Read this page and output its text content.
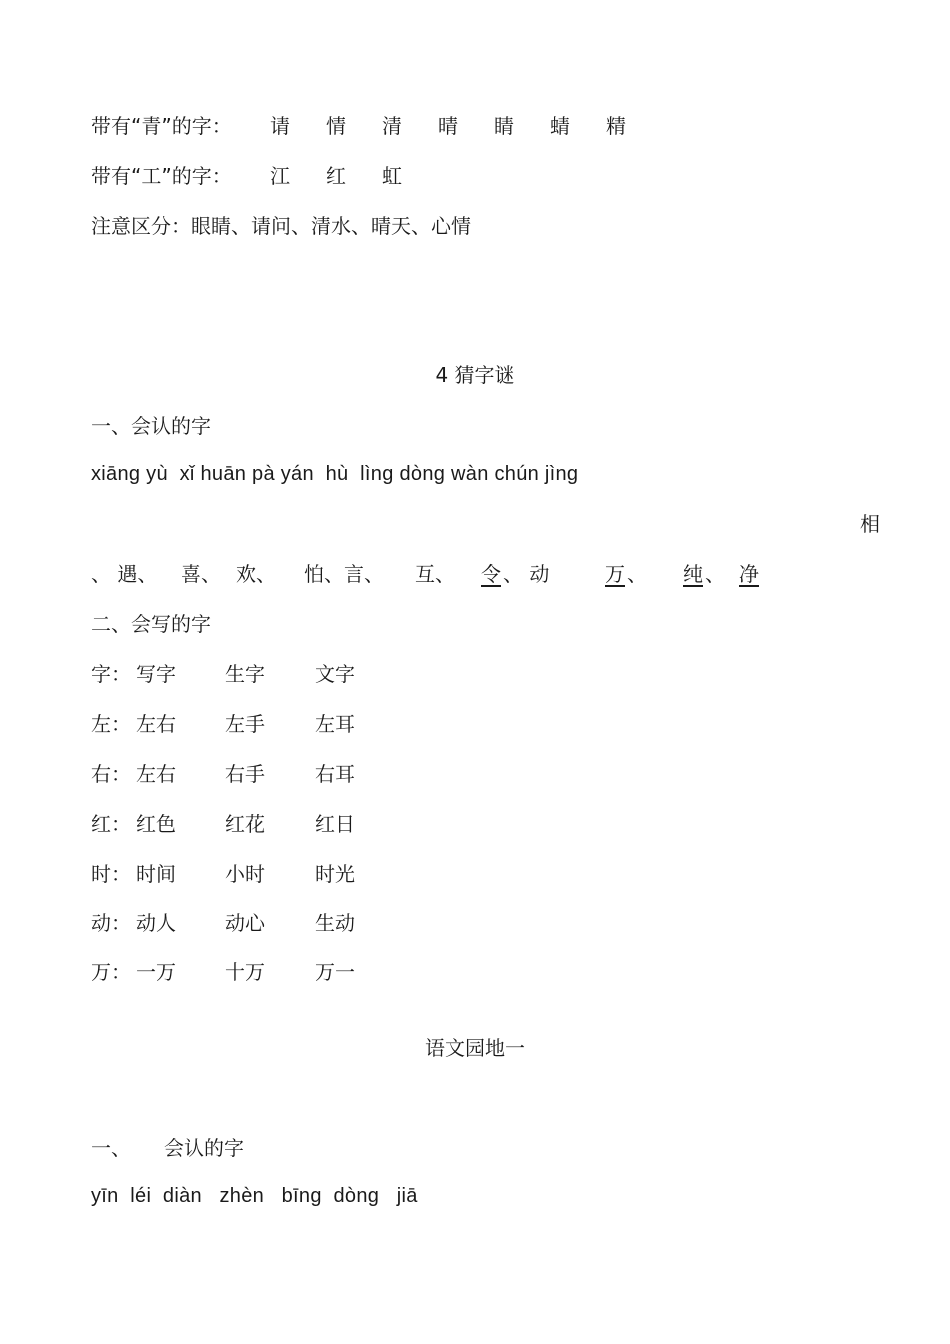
带有“青”的字： 请 情 清 晴 睛 蜻 精
带有“工”的字： 江 红 虹
注意区分：眼睛、请问、清水、晴天、心情
4 猜字谜
一、会认的字
xiāng yù  xǐ huān pà yán  hù  lìng dòng wàn chún jìng
相
、 遇、 喜、 欢、 怕、言、 互、 令 、 动	万 、 纯 、 净
二、会写的字
字： 写字 生字	文字
左： 左右 左手	左耳
右： 左右 右手	右耳
红： 红色 红花	红日
时： 时间 小时	时光
动： 动人 动心	生动
万： 一万 十万	万一
语文园地一
一、 会认的字
yīn  léi  diàn   zhèn   bīng  dòng   jiā
